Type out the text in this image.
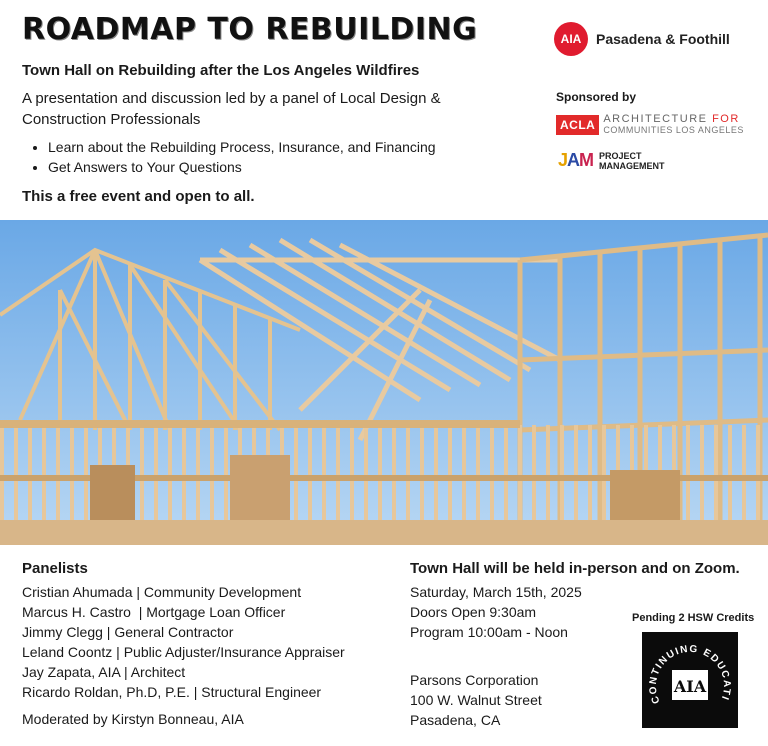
ROADMAP TO REBUILDING
Town Hall on Rebuilding after the Los Angeles Wildfires
A presentation and discussion led by a panel of Local Design & Construction Professionals
• Learn about the Rebuilding Process, Insurance, and Financing
• Get Answers to Your Questions
This a free event and open to all.
AIA	Pasadena & Foothill
Sponsored by
ACLA ARCHITECTURE FOR
COMMUNITIES LOS ANGELES
JAM PROJECT
MANAGEMENT
Panelists
Cristian Ahumada | Community Development
Marcus H. Castro  | Mortgage Loan Officer
Jimmy Clegg | General Contractor
Leland Coontz | Public Adjuster/Insurance Appraiser
Jay Zapata, AIA | Architect
Ricardo Roldan, Ph.D, P.E. | Structural Engineer
Moderated by Kirstyn Bonneau, AIA
Town Hall will be held in-person and on Zoom.
Saturday, March 15th, 2025
Doors Open 9:30am
Program 10:00am - Noon
Parsons Corporation
100 W. Walnut Street
Pasadena, CA
Pending 2 HSW Credits
CONTINUING EDUCATI
AIA
